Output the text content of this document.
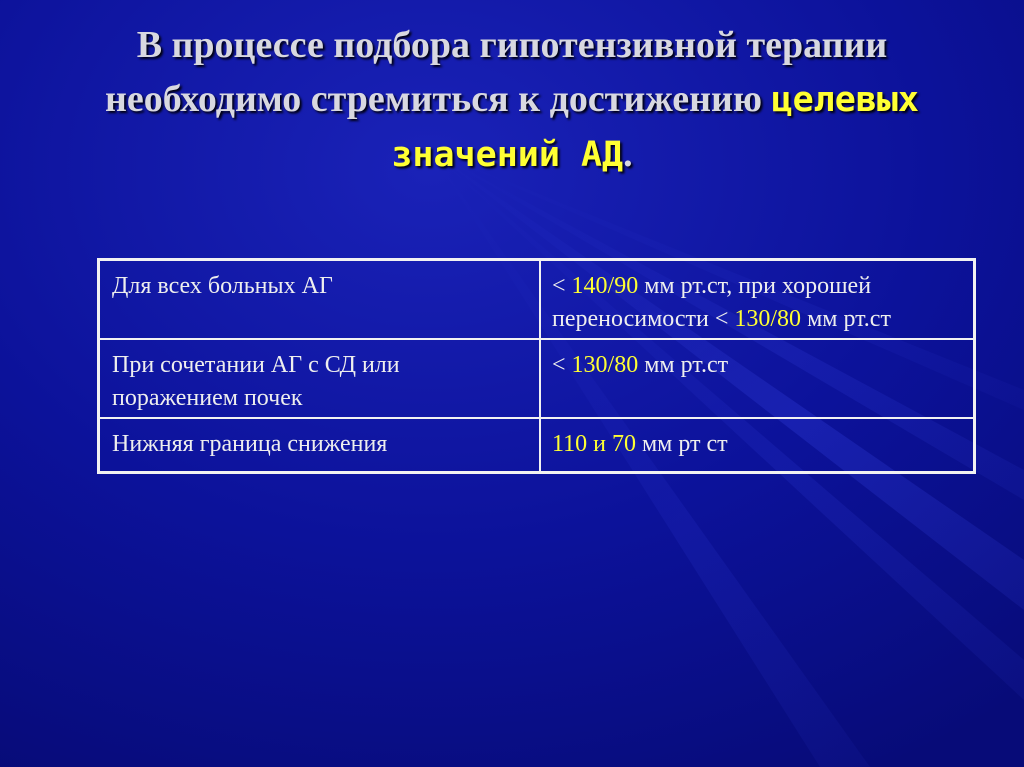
В процессе подбора гипотензивной терапии
необходимо стремиться к достижению целевых
значений АД.
Для всех больных АГ	< 140/90 мм рт.ст, при хорошей переносимости < 130/80 мм рт.ст
При сочетании АГ с СД или поражением почек	< 130/80 мм рт.ст
Нижняя граница снижения	110 и 70 мм рт ст
